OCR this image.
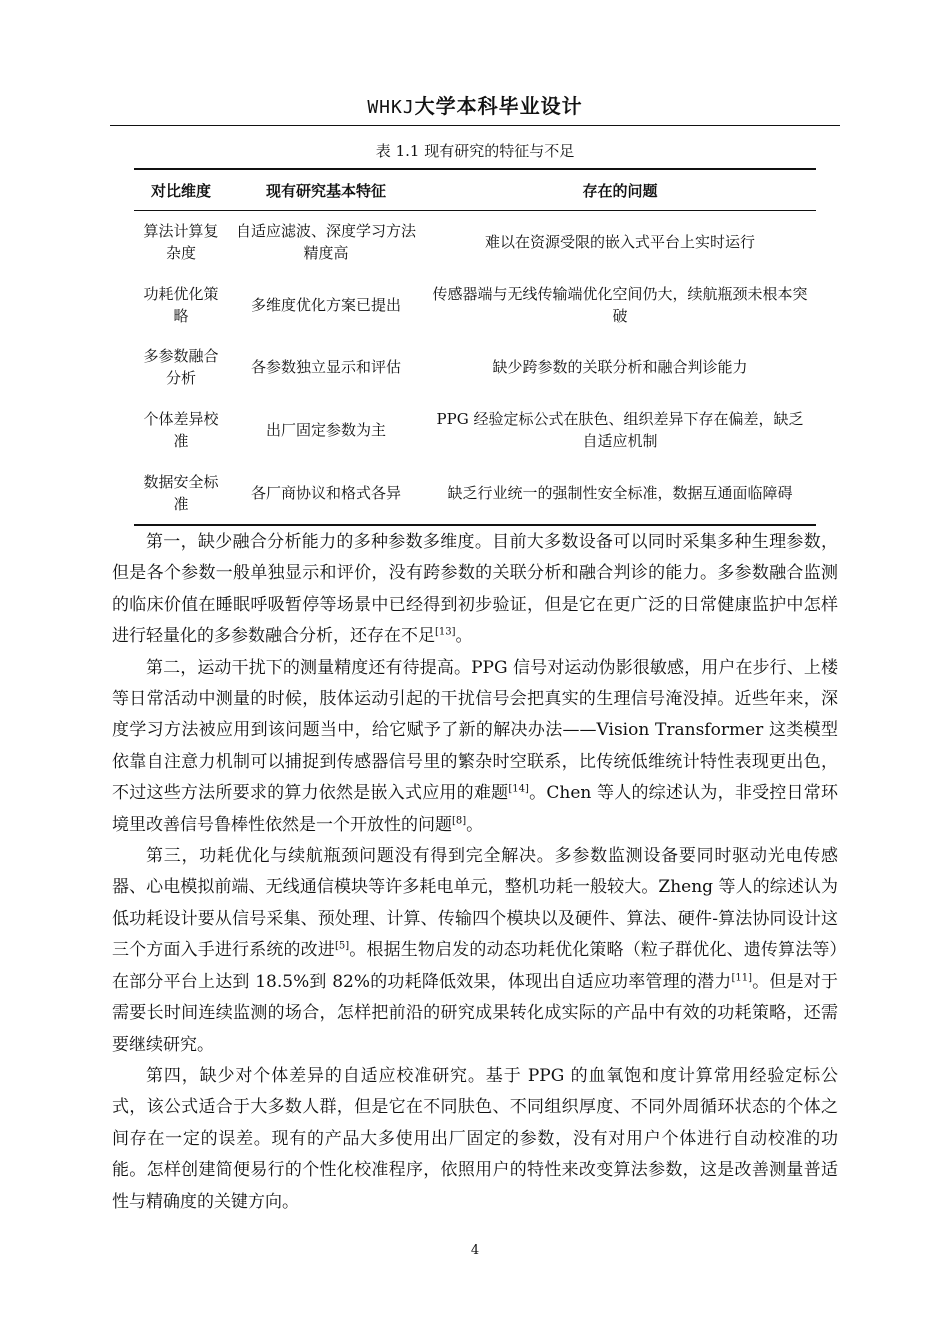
WHKJ大学本科毕业设计
表 1.1 现有研究的特征与不足
对比维度	现有研究基本特征	存在的问题
算法计算复杂度	自适应滤波、深度学习方法精度高	难以在资源受限的嵌入式平台上实时运行
功耗优化策略	多维度优化方案已提出	传感器端与无线传输端优化空间仍大，续航瓶颈未根本突破
多参数融合分析	各参数独立显示和评估	缺少跨参数的关联分析和融合判诊能力
个体差异校准	出厂固定参数为主	PPG 经验定标公式在肤色、组织差异下存在偏差，缺乏自适应机制
数据安全标准	各厂商协议和格式各异	缺乏行业统一的强制性安全标准，数据互通面临障碍

第一，缺少融合分析能力的多种参数多维度。目前大多数设备可以同时采集多种生理参数，但是各个参数一般单独显示和评价，没有跨参数的关联分析和融合判诊的能力。多参数融合监测的临床价值在睡眠呼吸暂停等场景中已经得到初步验证，但是它在更广泛的日常健康监护中怎样进行轻量化的多参数融合分析，还存在不足[13]。

第二，运动干扰下的测量精度还有待提高。PPG 信号对运动伪影很敏感，用户在步行、上楼等日常活动中测量的时候，肢体运动引起的干扰信号会把真实的生理信号淹没掉。近些年来，深度学习方法被应用到该问题当中，给它赋予了新的解决办法——Vision Transformer 这类模型依靠自注意力机制可以捕捉到传感器信号里的繁杂时空联系，比传统低维统计特性表现更出色，不过这些方法所要求的算力依然是嵌入式应用的难题[14]。Chen 等人的综述认为，非受控日常环境里改善信号鲁棒性依然是一个开放性的问题[8]。

第三，功耗优化与续航瓶颈问题没有得到完全解决。多参数监测设备要同时驱动光电传感器、心电模拟前端、无线通信模块等许多耗电单元，整机功耗一般较大。Zheng 等人的综述认为低功耗设计要从信号采集、预处理、计算、传输四个模块以及硬件、算法、硬件-算法协同设计这三个方面入手进行系统的改进[5]。根据生物启发的动态功耗优化策略（粒子群优化、遗传算法等）在部分平台上达到 18.5%到 82%的功耗降低效果，体现出自适应功率管理的潜力[11]。但是对于需要长时间连续监测的场合，怎样把前沿的研究成果转化成实际的产品中有效的功耗策略，还需要继续研究。

第四，缺少对个体差异的自适应校准研究。基于 PPG 的血氧饱和度计算常用经验定标公式，该公式适合于大多数人群，但是它在不同肤色、不同组织厚度、不同外周循环状态的个体之间存在一定的误差。现有的产品大多使用出厂固定的参数，没有对用户个体进行自动校准的功能。怎样创建简便易行的个性化校准程序，依照用户的特性来改变算法参数，这是改善测量普适性与精确度的关键方向。

4
